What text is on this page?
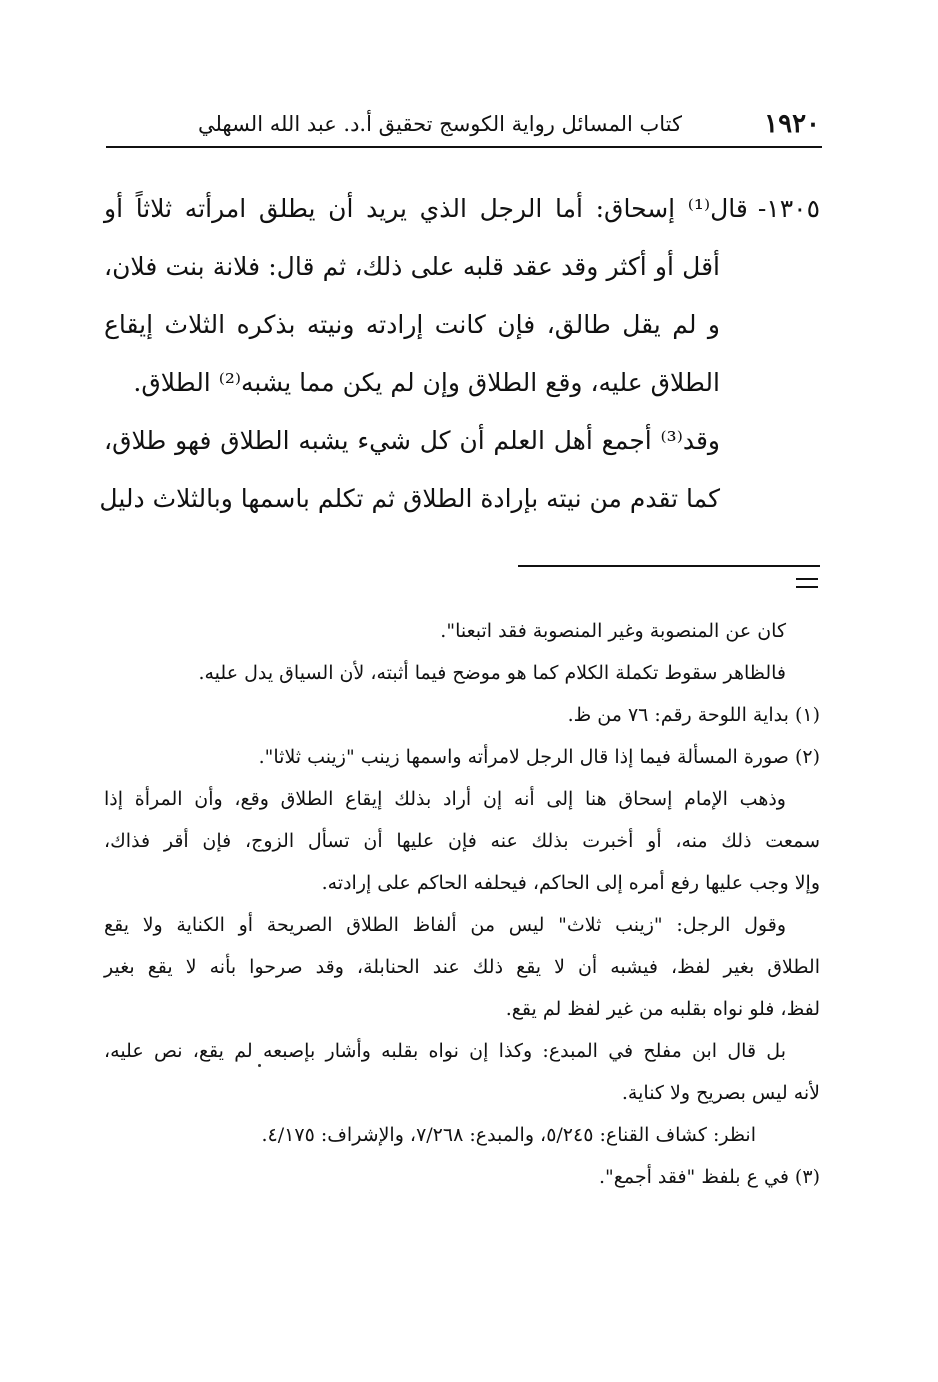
١٩٢٠
كتاب المسائل رواية الكوسج تحقيق أ.د. عبد الله السهلي
١٣٠٥-قال⁽¹⁾ إسحاق: أما الرجل الذي يريد أن يطلق امرأته ثلاثاً أو
أقل أو أكثر وقد عقد قلبه على ذلك، ثم قال: فلانة بنت فلان،
و لم يقل طالق، فإن كانت إرادته ونيته بذكره الثلاث إيقاع
الطلاق عليه، وقع الطلاق وإن لم يكن مما يشبه⁽²⁾ الطلاق.
وقد⁽³⁾ أجمع أهل العلم أن كل شيء يشبه الطلاق فهو طلاق،
كما تقدم من نيته بإرادة الطلاق ثم تكلم باسمها وبالثلاث دليل
كان عن المنصوبة وغير المنصوبة فقد اتبعنا".
فالظاهر سقوط تكملة الكلام كما هو موضح فيما أثبته، لأن السياق يدل عليه.
(١) بداية اللوحة رقم: ٧٦ من ظ.
(٢) صورة المسألة فيما إذا قال الرجل لامرأته واسمها زينب "زينب ثلاثا".
وذهب الإمام إسحاق هنا إلى أنه إن أراد بذلك إيقاع الطلاق وقع، وأن المرأة إذا
سمعت ذلك منه، أو أخبرت بذلك عنه فإن عليها أن تسأل الزوج، فإن أقر فذاك،
وإلا وجب عليها رفع أمره إلى الحاكم، فيحلفه الحاكم على إرادته.
وقول الرجل: "زينب ثلاث" ليس من ألفاظ الطلاق الصريحة أو الكناية ولا يقع
الطلاق بغير لفظ، فيشبه أن لا يقع ذلك عند الحنابلة، وقد صرحوا بأنه لا يقع بغير
لفظ، فلو نواه بقلبه من غير لفظ لم يقع.
بل قال ابن مفلح في المبدع: وكذا إن نواه بقلبه وأشار بإصبعه لم يقع، نص عليه،
لأنه ليس بصريح ولا كناية.
انظر: كشاف القناع: ٥/٢٤٥، والمبدع: ٧/٢٦٨، والإشراف: ٤/١٧٥.
(٣) في ع بلفظ "فقد أجمع".
